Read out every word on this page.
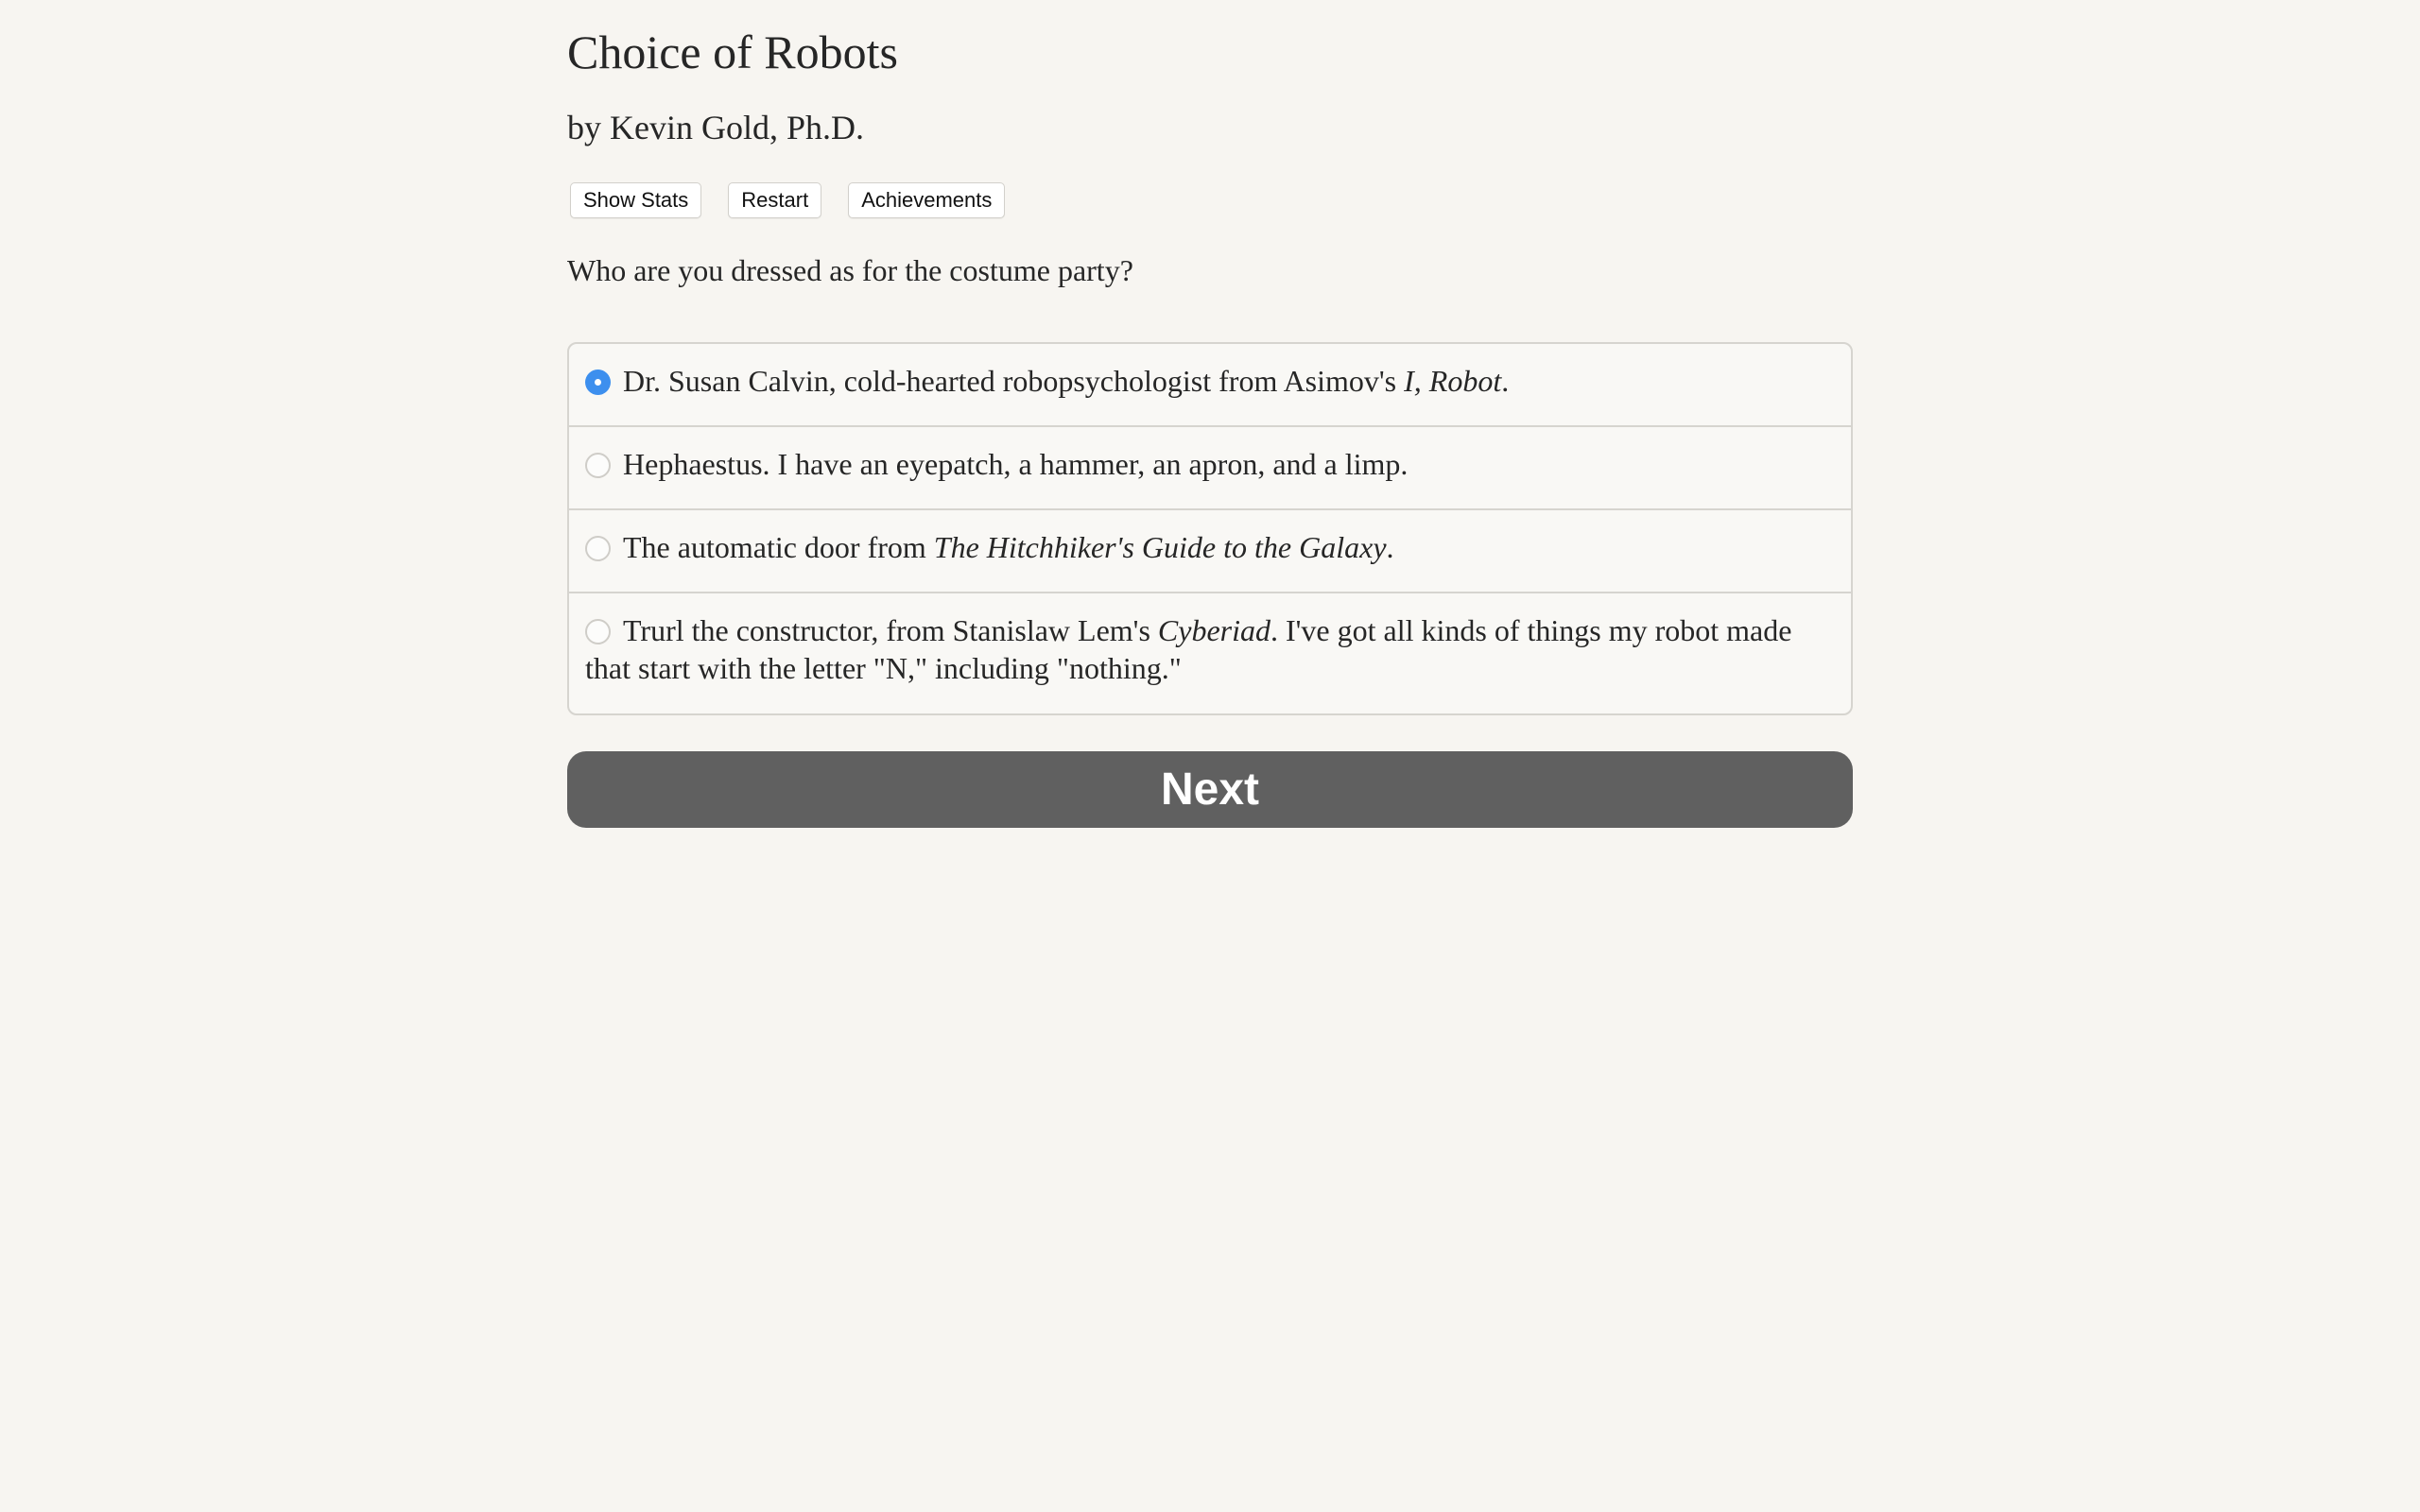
Choice of Robots
by Kevin Gold, Ph.D.
Show Stats	Restart	Achievements

Who are you dressed as for the costume party?

Dr. Susan Calvin, cold-hearted robopsychologist from Asimov's I, Robot.
Hephaestus. I have an eyepatch, a hammer, an apron, and a limp.
The automatic door from The Hitchhiker's Guide to the Galaxy.
Trurl the constructor, from Stanislaw Lem's Cyberiad. I've got all kinds of things my robot made that start with the letter "N," including "nothing."
Next
